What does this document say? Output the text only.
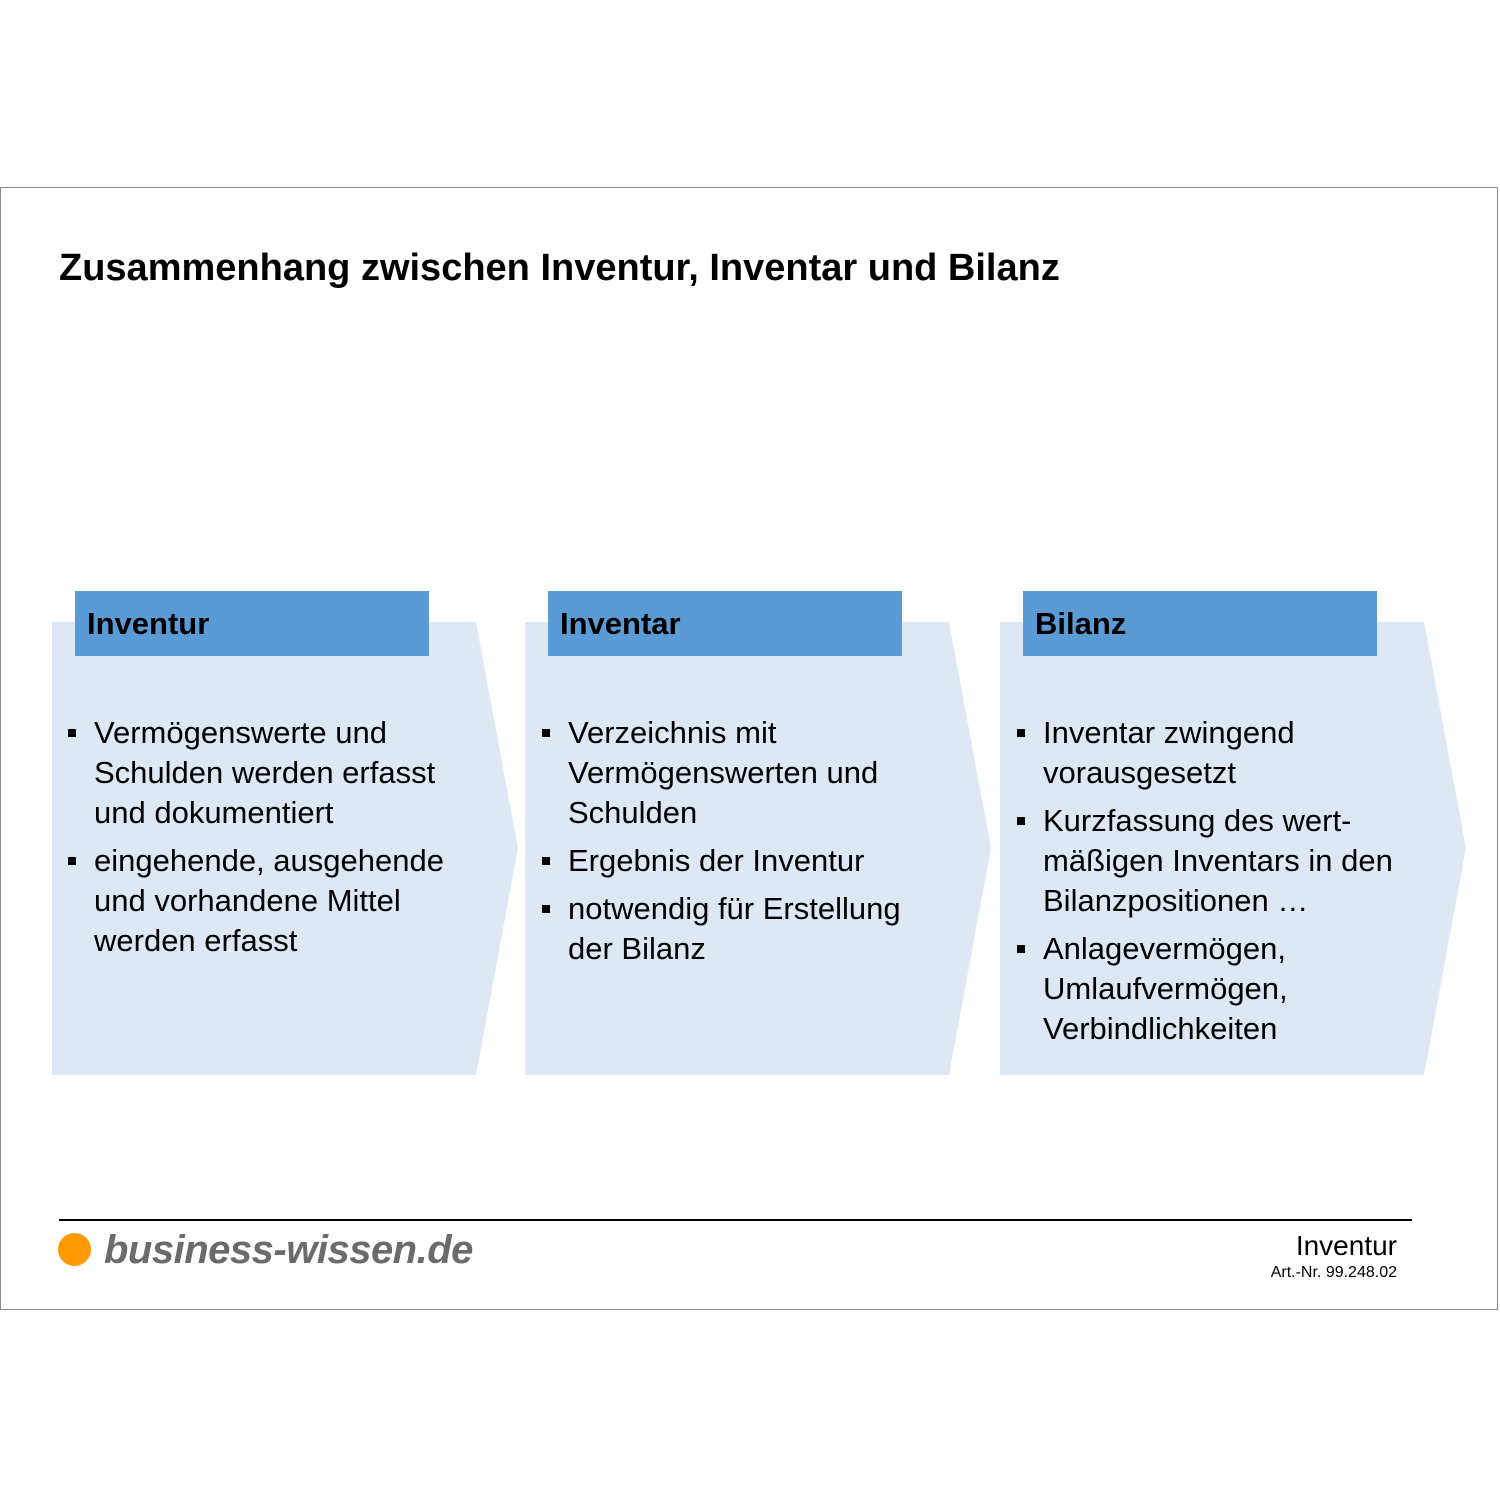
Zusammenhang zwischen Inventur, Inventar und Bilanz
Inventur
Vermögenswerte und
Schulden werden erfasst
und dokumentiert
eingehende, ausgehende
und vorhandene Mittel
werden erfasst
Inventar
Verzeichnis mit
Vermögenswerten und
Schulden
Ergebnis der Inventur
notwendig für Erstellung
der Bilanz
Bilanz
Inventar zwingend
vorausgesetzt
Kurzfassung des wert-
mäßigen Inventars in den
Bilanzpositionen …
Anlagevermögen,
Umlaufvermögen,
Verbindlichkeiten
business-wissen.de	Inventur
Art.-Nr. 99.248.02
